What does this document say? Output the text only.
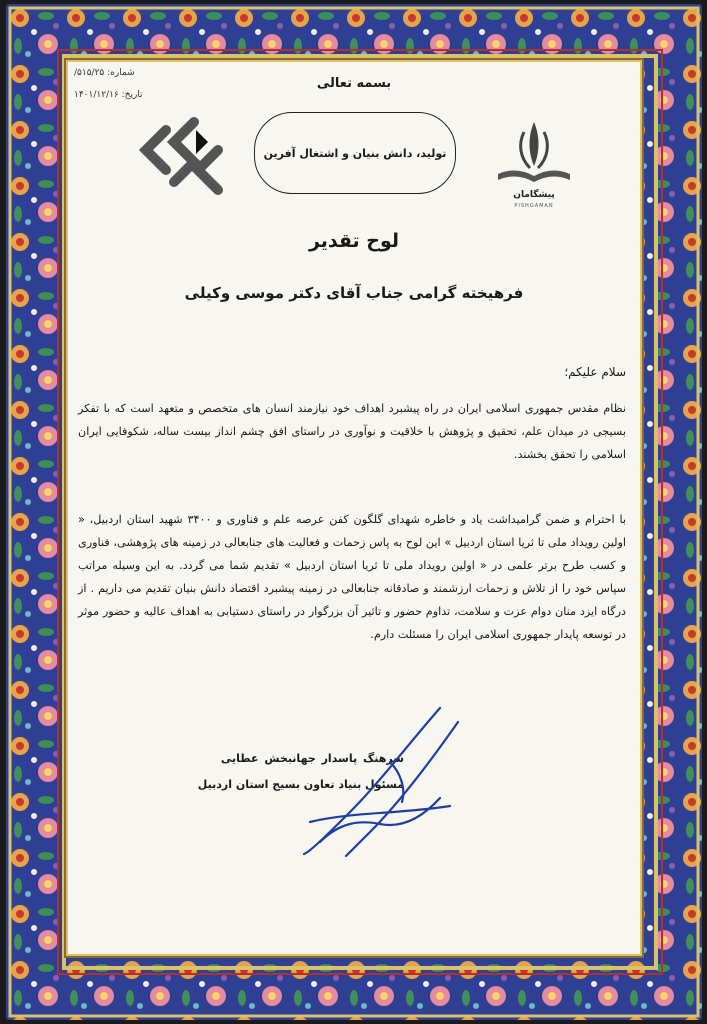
بسمه تعالی
شماره: ۵۱۵/۲۵/
تاریخ: ۱۴۰۱/۱۲/۱۶
پیشگامان
PISHGAMAN
تولید، دانش بنیان و اشتغال آفرین
لوح تقدیر
فرهیخته گرامی جناب آقای دکتر موسی وکیلی
سلام علیکم؛
نظام مقدس جمهوری اسلامی ایران در راه پیشبرد اهداف خود نیازمند انسان های متخصص و متعهد است که با تفکر بسیجی در میدان علم، تحقیق و پژوهش با خلاقیت و نوآوری در راستای افق چشم انداز بیست ساله، شکوفایی ایران اسلامی را تحقق بخشند.
با احترام و ضمن گرامیداشت یاد و خاطره شهدای گلگون کفن عرصه علم و فناوری و ۳۴۰۰ شهید استان اردبیل، « اولین رویداد ملی تا ثریا استان اردبیل » این لوح به پاس زحمات و فعالیت های جنابعالی در زمینه های پژوهشی، فناوری و کسب طرح برتر علمی در « اولین رویداد ملی تا ثریا استان اردبیل » تقدیم شما می گردد. به این وسیله مراتب سپاس خود را از تلاش و زحمات ارزشمند و صادقانه جنابعالی در زمینه پیشبرد اقتصاد دانش بنیان تقدیم می داریم . از درگاه ایزد منان دوام عزت و سلامت، تداوم حضور و تاثیر آن بزرگوار در راستای دستیابی به اهداف عالیه و حضور موثر در توسعه پایدار جمهوری اسلامی ایران را مسئلت دارم.
سرهنگ پاسدار جهانبخش عطایی
مسئول بنیاد تعاون بسیج استان اردبیل
